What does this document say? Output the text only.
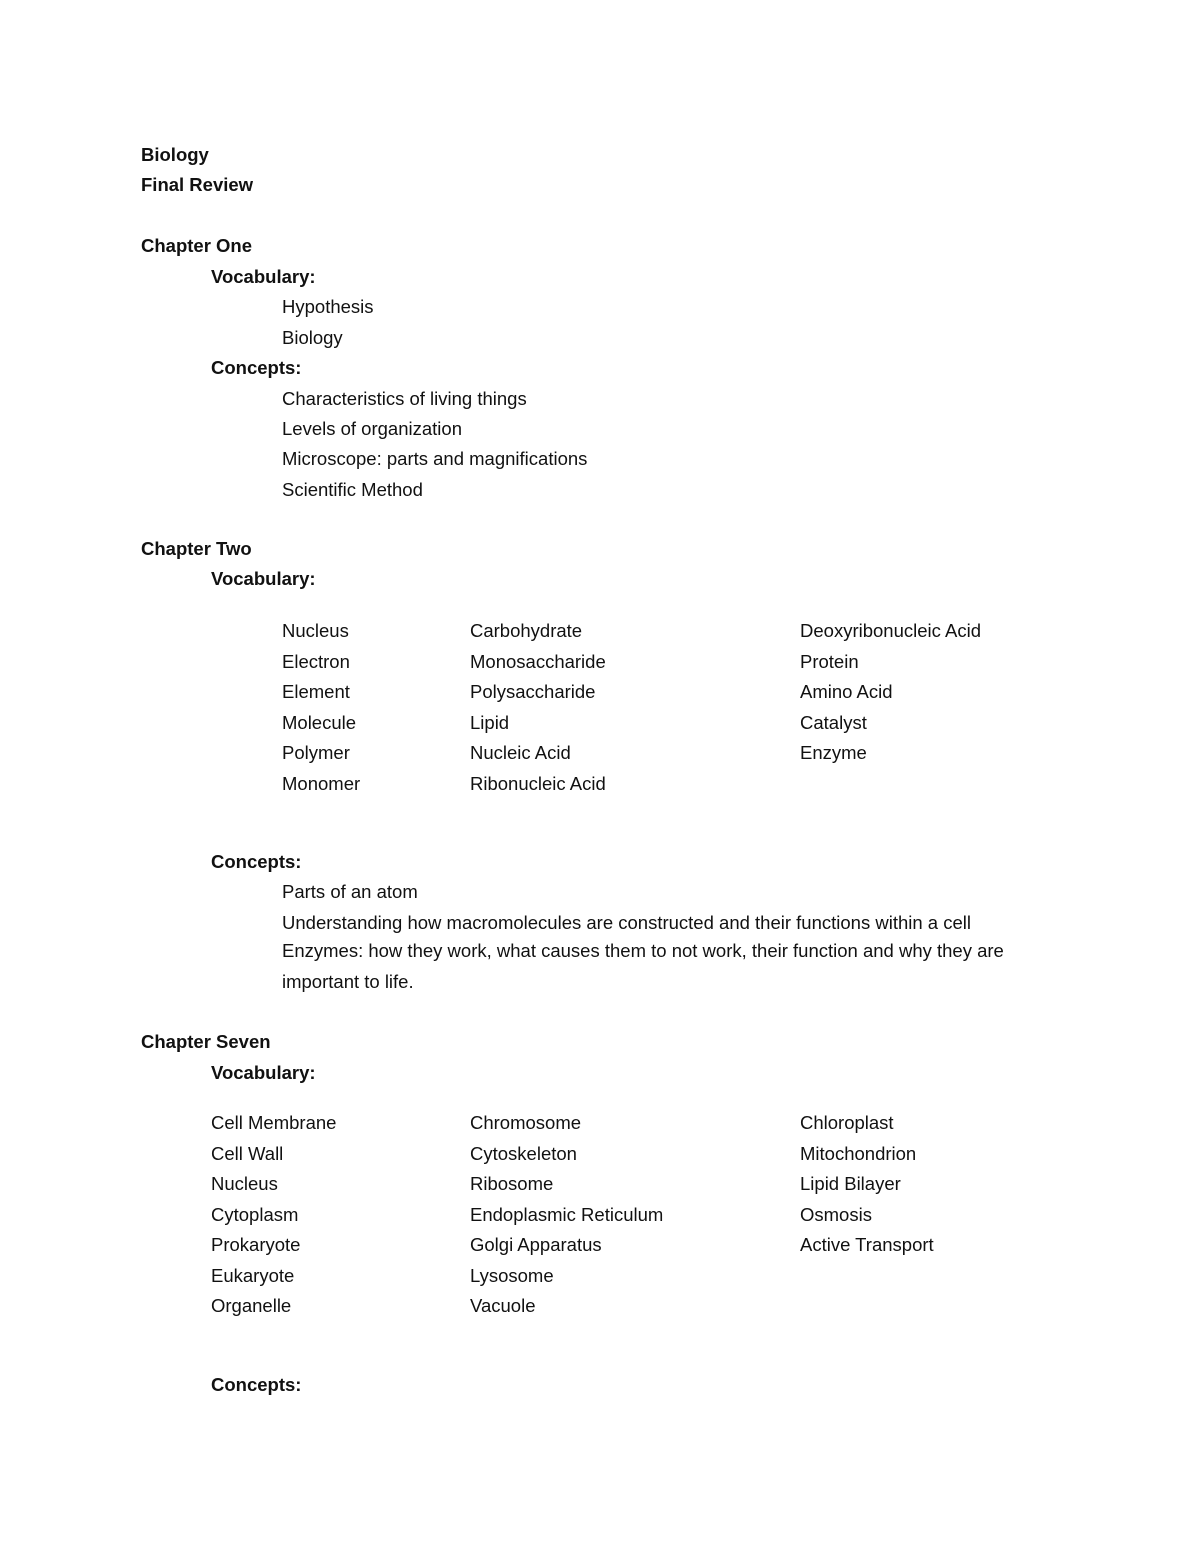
Biology
Final Review
Chapter One
Vocabulary:
Hypothesis
Biology
Concepts:
Characteristics of living things
Levels of organization
Microscope: parts and magnifications
Scientific Method
Chapter Two
Vocabulary:
Nucleus
Electron
Element
Molecule
Polymer
Monomer
Carbohydrate
Monosaccharide
Polysaccharide
Lipid
Nucleic Acid
Ribonucleic Acid
Deoxyribonucleic Acid
Protein
Amino Acid
Catalyst
Enzyme
Concepts:
Parts of an atom
Understanding how macromolecules are constructed and their functions within a cell
Enzymes: how they work, what causes them to not work, their function and why they are important to life.
Chapter Seven
Vocabulary:
Cell Membrane
Cell Wall
Nucleus
Cytoplasm
Prokaryote
Eukaryote
Organelle
Chromosome
Cytoskeleton
Ribosome
Endoplasmic Reticulum
Golgi Apparatus
Lysosome
Vacuole
Chloroplast
Mitochondrion
Lipid Bilayer
Osmosis
Active Transport
Concepts:
